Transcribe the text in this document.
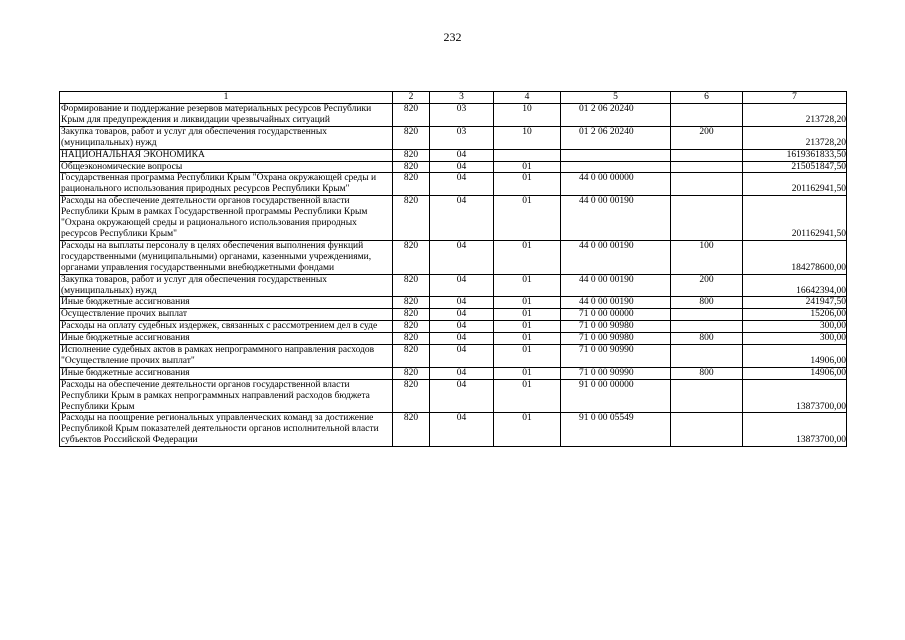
232
1	2	3	4	5	6	7
Формирование и поддержание резервов материальных ресурсов Республики Крым для предупреждения и ликвидации чрезвычайных ситуаций	820	03	10	01 2 06 20240		213728,20
Закупка товаров, работ и услуг для обеспечения государственных (муниципальных) нужд	820	03	10	01 2 06 20240	200	213728,20
НАЦИОНАЛЬНАЯ ЭКОНОМИКА	820	04				1619361833,50
Общеэкономические вопросы	820	04	01			215051847,50
Государственная программа Республики Крым "Охрана окружающей среды и рационального использования природных ресурсов Республики Крым"	820	04	01	44 0 00 00000		201162941,50
Расходы на обеспечение деятельности органов государственной власти Республики Крым в рамках Государственной программы Республики Крым "Охрана окружающей среды и рационального использования природных ресурсов Республики Крым"	820	04	01	44 0 00 00190		201162941,50
Расходы на выплаты персоналу в целях обеспечения выполнения функций государственными (муниципальными) органами, казенными учреждениями, органами управления государственными внебюджетными фондами	820	04	01	44 0 00 00190	100	184278600,00
Закупка товаров, работ и услуг для обеспечения государственных (муниципальных) нужд	820	04	01	44 0 00 00190	200	16642394,00
Иные бюджетные ассигнования	820	04	01	44 0 00 00190	800	241947,50
Осуществление прочих выплат	820	04	01	71 0 00 00000		15206,00
Расходы на оплату судебных издержек, связанных с рассмотрением дел в суде	820	04	01	71 0 00 90980		300,00
Иные бюджетные ассигнования	820	04	01	71 0 00 90980	800	300,00
Исполнение судебных актов в рамках непрограммного направления расходов "Осуществление прочих выплат"	820	04	01	71 0 00 90990		14906,00
Иные бюджетные ассигнования	820	04	01	71 0 00 90990	800	14906,00
Расходы на обеспечение деятельности органов государственной власти Республики Крым в рамках непрограммных направлений расходов бюджета Республики Крым	820	04	01	91 0 00 00000		13873700,00
Расходы на поощрение региональных управленческих команд за достижение Республикой Крым показателей деятельности органов исполнительной власти субъектов Российской Федерации	820	04	01	91 0 00 05549		13873700,00
